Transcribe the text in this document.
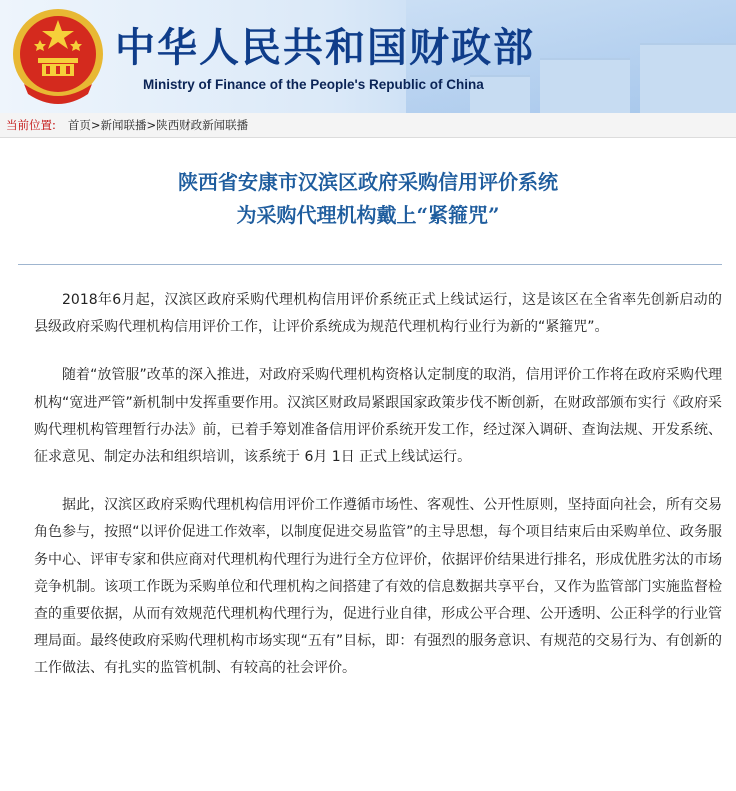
中华人民共和国财政部
Ministry of Finance of the People's Republic of China
当前位置: 首页 > 新闻联播 > 陕西财政新闻联播
陕西省安康市汉滨区政府采购信用评价系统
为采购代理机构戴上“紧箍咒”

2018年6月起，汉滨区政府采购代理机构信用评价系统正式上线试运行，这是该区在全省率先创新启动的县级政府采购代理机构信用评价工作，让评价系统成为规范代理机构行业行为新的“紧箍咒”。

随着“放管服”改革的深入推进，对政府采购代理机构资格认定制度的取消，信用评价工作将在政府采购代理机构“宽进严管”新机制中发挥重要作用。汉滨区财政局紧跟国家政策步伐不断创新，在财政部颁布实行《政府采购代理机构管理暂行办法》前，已着手筹划准备信用评价系统开发工作，经过深入调研、查询法规、开发系统、征求意见、制定办法和组织培训，该系统于 6月 1日 正式上线试运行。

据此，汉滨区政府采购代理机构信用评价工作遵循市场性、客观性、公开性原则，坚持面向社会，所有交易角色参与，按照“以评价促进工作效率，以制度促进交易监管”的主导思想，每个项目结束后由采购单位、政务服务中心、评审专家和供应商对代理机构代理行为进行全方位评价，依据评价结果进行排名，形成优胜劣汰的市场竞争机制。该项工作既为采购单位和代理机构之间搭建了有效的信息数据共享平台，又作为监管部门实施监督检查的重要依据，从而有效规范代理机构代理行为，促进行业自律，形成公平合理、公开透明、公正科学的行业管理局面。最终使政府采购代理机构市场实现“五有”目标，即：有强烈的服务意识、有规范的交易行为、有创新的工作做法、有扎实的监管机制、有较高的社会评价。
